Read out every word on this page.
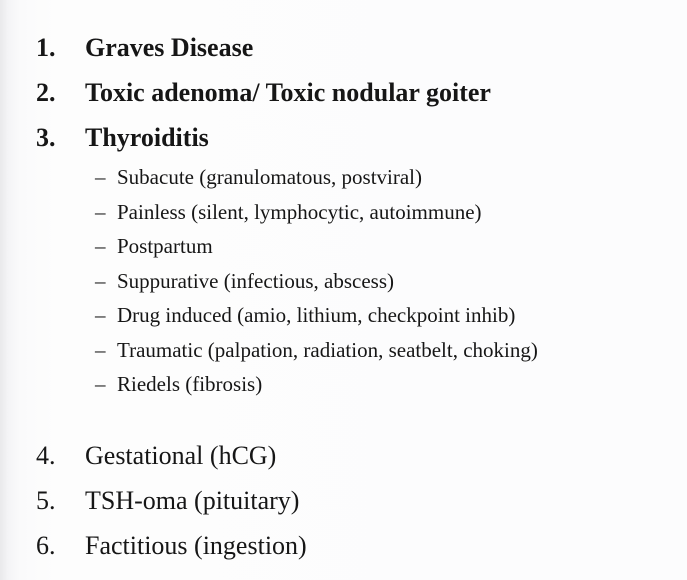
1.	Graves Disease
2.	Toxic adenoma/ Toxic nodular goiter
3.	Thyroiditis
– Subacute (granulomatous, postviral)
– Painless (silent, lymphocytic, autoimmune)
– Postpartum
– Suppurative (infectious, abscess)
– Drug induced (amio, lithium, checkpoint inhib)
– Traumatic (palpation, radiation, seatbelt, choking)
– Riedels (fibrosis)
4.	Gestational (hCG)
5.	TSH-oma (pituitary)
6.	Factitious (ingestion)
